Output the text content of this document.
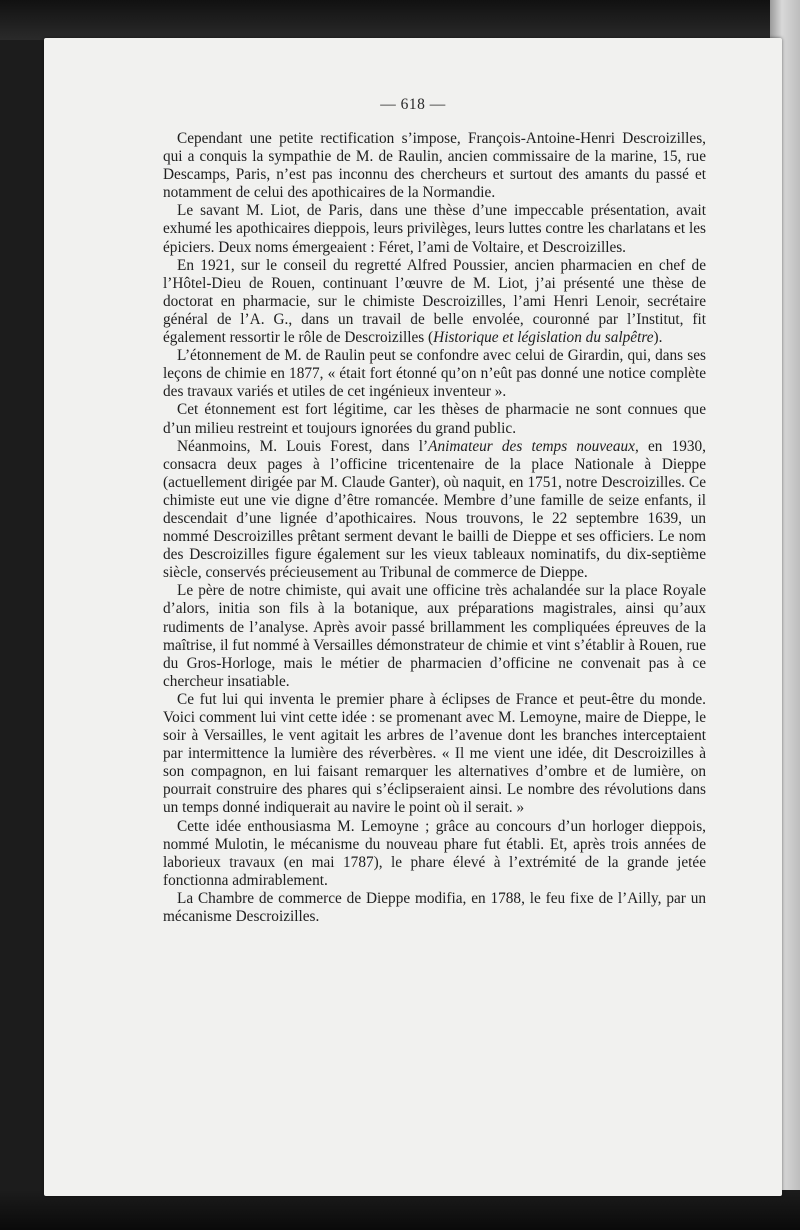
— 618 —

Cependant une petite rectification s’impose, François-Antoine-Henri Descroizilles, qui a conquis la sympathie de M. de Raulin, ancien commissaire de la marine, 15, rue Descamps, Paris, n’est pas inconnu des chercheurs et surtout des amants du passé et notamment de celui des apothicaires de la Normandie.

Le savant M. Liot, de Paris, dans une thèse d’une impeccable présentation, avait exhumé les apothicaires dieppois, leurs privilèges, leurs luttes contre les charlatans et les épiciers. Deux noms émergeaient : Féret, l’ami de Voltaire, et Descroizilles.

En 1921, sur le conseil du regretté Alfred Poussier, ancien pharmacien en chef de l’Hôtel-Dieu de Rouen, continuant l’œuvre de M. Liot, j’ai présenté une thèse de doctorat en pharmacie, sur le chimiste Descroizilles, l’ami Henri Lenoir, secrétaire général de l’A. G., dans un travail de belle envolée, couronné par l’Institut, fit également ressortir le rôle de Descroizilles (Historique et législation du salpêtre).

L’étonnement de M. de Raulin peut se confondre avec celui de Girardin, qui, dans ses leçons de chimie en 1877, « était fort étonné qu’on n’eût pas donné une notice complète des travaux variés et utiles de cet ingénieux inventeur ».

Cet étonnement est fort légitime, car les thèses de pharmacie ne sont connues que d’un milieu restreint et toujours ignorées du grand public.

Néanmoins, M. Louis Forest, dans l’Animateur des temps nouveaux, en 1930, consacra deux pages à l’officine tricentenaire de la place Nationale à Dieppe (actuellement dirigée par M. Claude Ganter), où naquit, en 1751, notre Descroizilles. Ce chimiste eut une vie digne d’être romancée. Membre d’une famille de seize enfants, il descendait d’une lignée d’apothicaires. Nous trouvons, le 22 septembre 1639, un nommé Descroizilles prêtant serment devant le bailli de Dieppe et ses officiers. Le nom des Descroizilles figure également sur les vieux tableaux nominatifs, du dix-septième siècle, conservés précieusement au Tribunal de commerce de Dieppe.

Le père de notre chimiste, qui avait une officine très achalandée sur la place Royale d’alors, initia son fils à la botanique, aux préparations magistrales, ainsi qu’aux rudiments de l’analyse. Après avoir passé brillamment les compliquées épreuves de la maîtrise, il fut nommé à Versailles démonstrateur de chimie et vint s’établir à Rouen, rue du Gros-Horloge, mais le métier de pharmacien d’officine ne convenait pas à ce chercheur insatiable.

Ce fut lui qui inventa le premier phare à éclipses de France et peut-être du monde. Voici comment lui vint cette idée : se promenant avec M. Lemoyne, maire de Dieppe, le soir à Versailles, le vent agitait les arbres de l’avenue dont les branches interceptaient par intermittence la lumière des réverbères. « Il me vient une idée, dit Descroizilles à son compagnon, en lui faisant remarquer les alternatives d’ombre et de lumière, on pourrait construire des phares qui s’éclipseraient ainsi. Le nombre des révolutions dans un temps donné indiquerait au navire le point où il serait. »

Cette idée enthousiasma M. Lemoyne ; grâce au concours d’un horloger dieppois, nommé Mulotin, le mécanisme du nouveau phare fut établi. Et, après trois années de laborieux travaux (en mai 1787), le phare élevé à l’extrémité de la grande jetée fonctionna admirablement.

La Chambre de commerce de Dieppe modifia, en 1788, le feu fixe de l’Ailly, par un mécanisme Descroizilles.
